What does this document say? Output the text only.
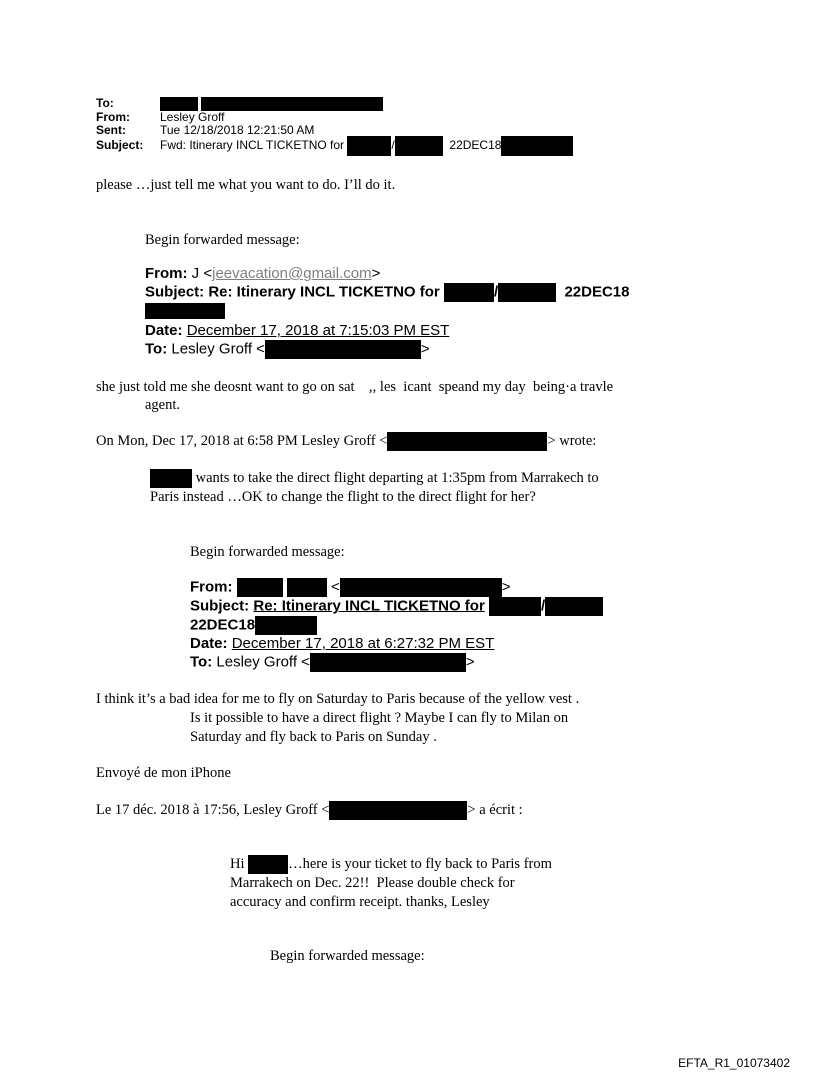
To:
From:	Lesley Groff
Sent:	Tue 12/18/2018 12:21:50 AM
Subject: Fwd: Itinerary INCL TICKETNO for	/	22DEC18
please …just tell me what you want to do. I’ll do it.
Begin forwarded message:
From: J <jeevacation@gmail.com>
Subject: Re: Itinerary INCL TICKETNO for	/	22DEC18
Date: December 17, 2018 at 7:15:03 PM EST
To: Lesley Groff <	>
she just told me she deosnt want to go on sat    ,, les  icant  speand my day  being·a travle
agent.
On Mon, Dec 17, 2018 at 6:58 PM Lesley Groff <	> wrote:
wants to take the direct flight departing at 1:35pm from Marrakech to
Paris instead …OK to change the flight to the direct flight for her?
Begin forwarded message:
From:	<	>
Subject: Re: Itinerary INCL TICKETNO for	/
22DEC18
Date: December 17, 2018 at 6:27:32 PM EST
To: Lesley Groff <	>
I think it’s a bad idea for me to fly on Saturday to Paris because of the yellow vest .
Is it possible to have a direct flight ? Maybe I can fly to Milan on
Saturday and fly back to Paris on Sunday .
Envoyé de mon iPhone
Le 17 déc. 2018 à 17:56, Lesley Groff <	> a écrit :
Hi	…here is your ticket to fly back to Paris from
Marrakech on Dec. 22!!  Please double check for
accuracy and confirm receipt. thanks, Lesley
Begin forwarded message:
EFTA_R1_01073402
